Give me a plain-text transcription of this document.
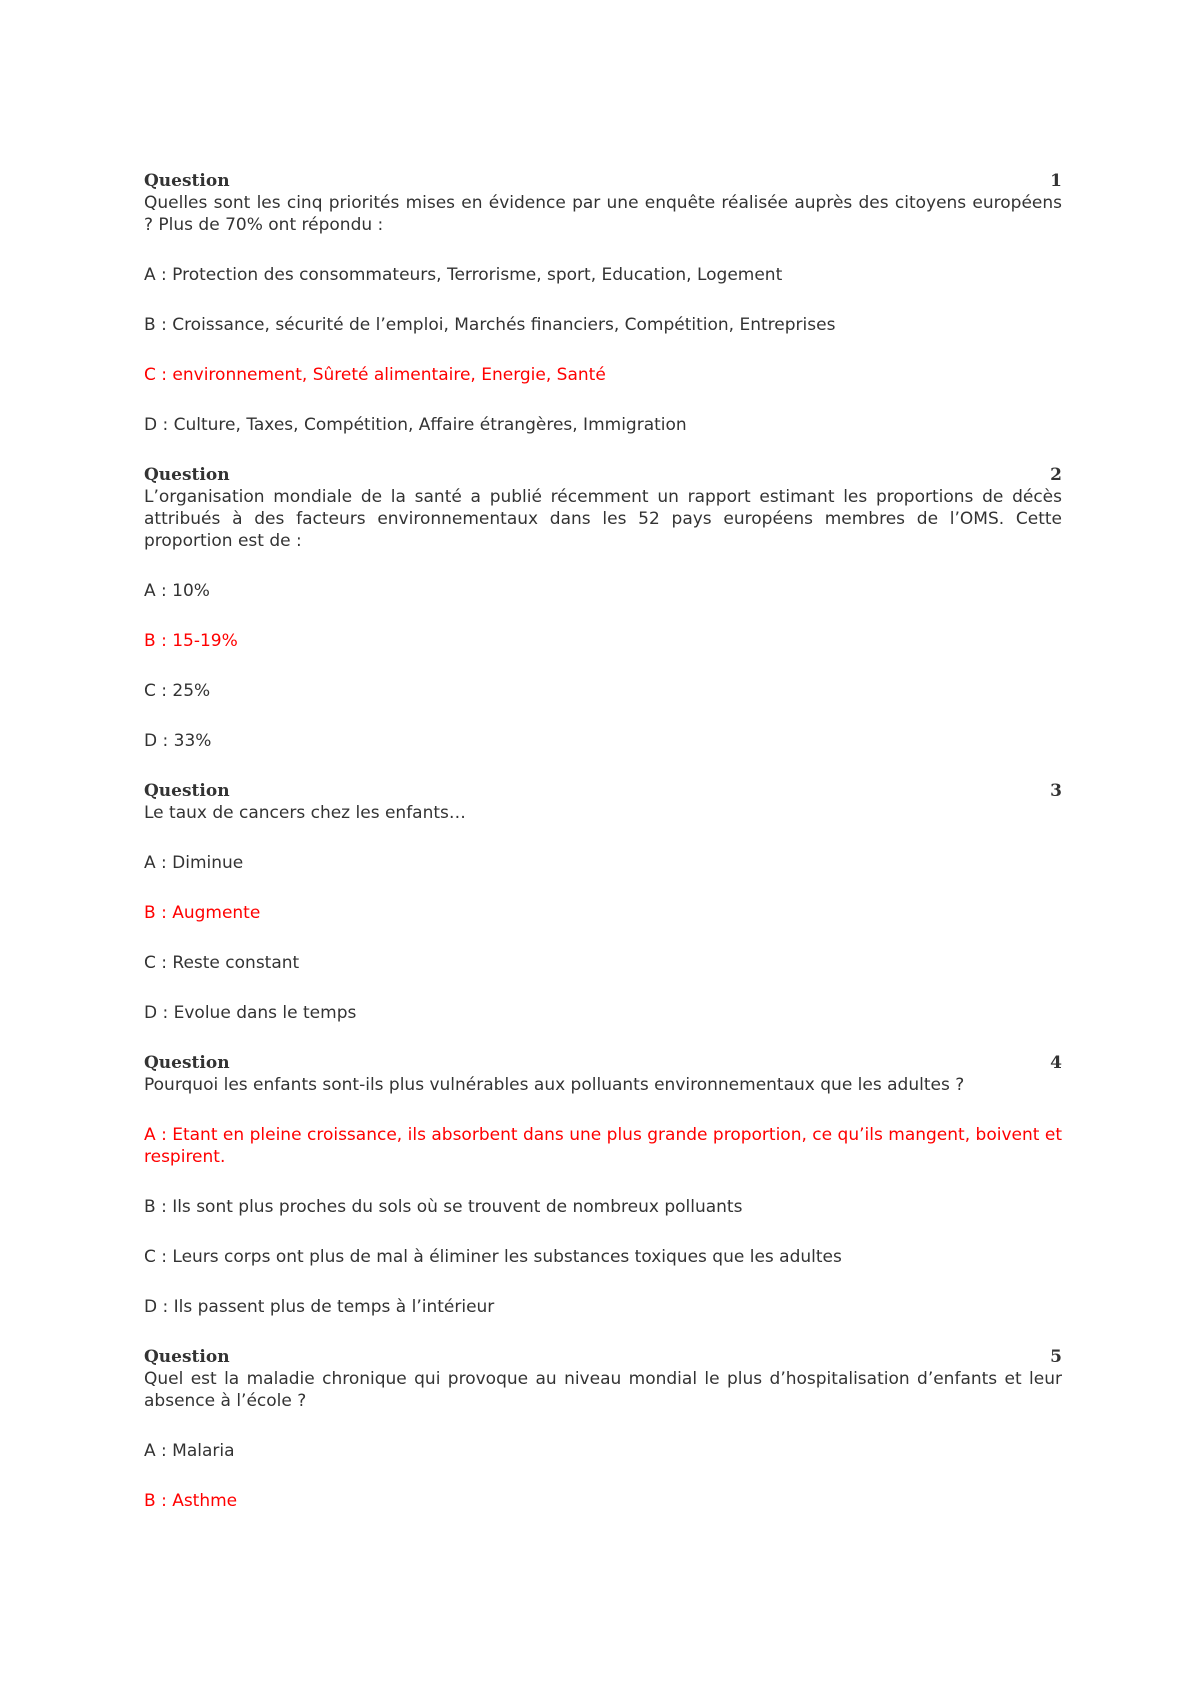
Question	1

Quelles sont les cinq priorités mises en évidence par une enquête réalisée auprès des citoyens européens ? Plus de 70% ont répondu :

A : Protection des consommateurs, Terrorisme, sport, Education, Logement

B : Croissance, sécurité de l’emploi, Marchés financiers, Compétition, Entreprises

C : environnement, Sûreté alimentaire, Energie, Santé

D : Culture, Taxes, Compétition, Affaire étrangères, Immigration

Question	2

L’organisation mondiale de la santé a publié récemment un rapport estimant les proportions de décès attribués à des facteurs environnementaux dans les 52 pays européens membres de l’OMS. Cette proportion est de :

A : 10%

B : 15-19%

C : 25%

D : 33%

Question	3

Le taux de cancers chez les enfants…

A : Diminue

B : Augmente

C : Reste constant

D : Evolue dans le temps

Question	4

Pourquoi les enfants sont-ils plus vulnérables aux polluants environnementaux que les adultes ?

A : Etant en pleine croissance, ils absorbent dans une plus grande proportion, ce qu’ils mangent, boivent et respirent.

B : Ils sont plus proches du sols où se trouvent de nombreux polluants

C : Leurs corps ont plus de mal à éliminer les substances toxiques que les adultes

D : Ils passent plus de temps à l’intérieur

Question	5

Quel est la maladie chronique qui provoque au niveau mondial le plus d’hospitalisation d’enfants et leur absence à l’école ?

A : Malaria

B : Asthme
